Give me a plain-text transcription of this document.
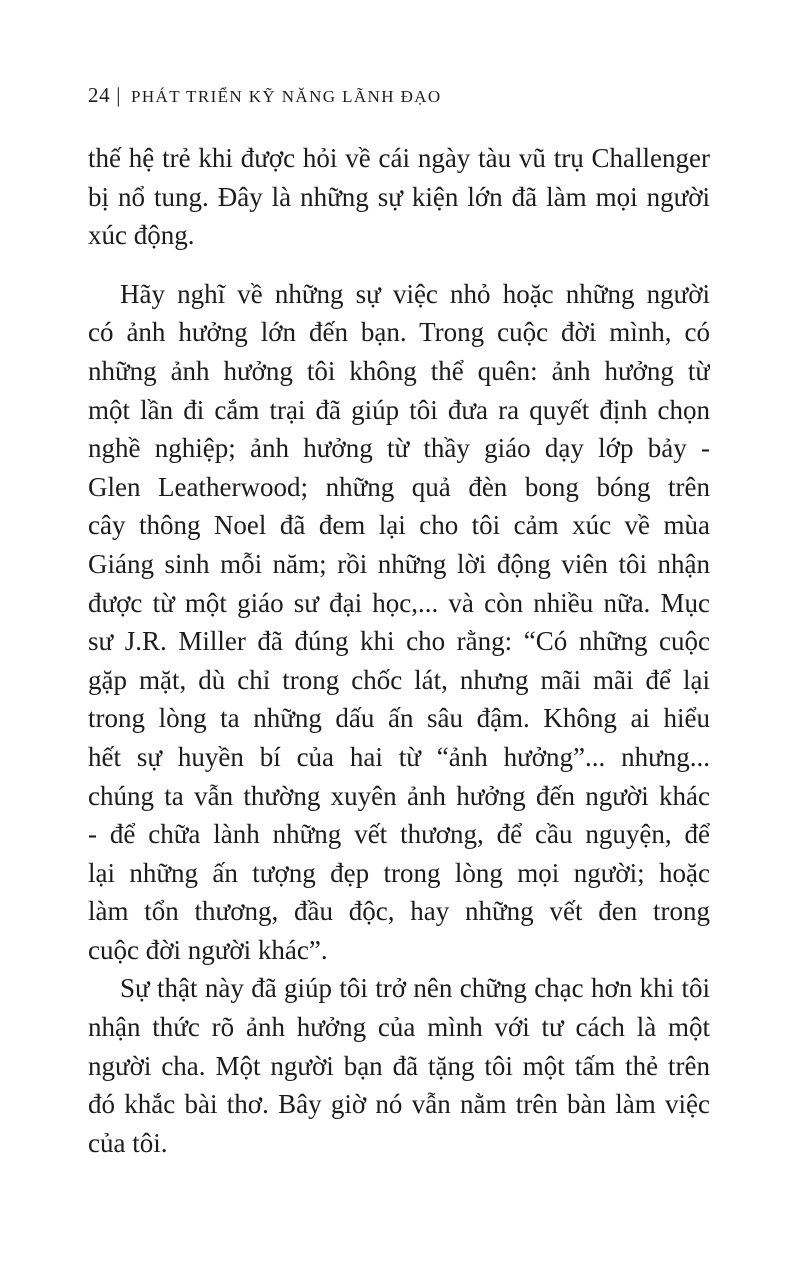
24 | PHÁT TRIỂN KỸ NĂNG LÃNH ĐẠO

thế hệ trẻ khi được hỏi về cái ngày tàu vũ trụ Challenger
bị nổ tung. Đây là những sự kiện lớn đã làm mọi người
xúc động.

Hãy nghĩ về những sự việc nhỏ hoặc những người
có ảnh hưởng lớn đến bạn. Trong cuộc đời mình, có
những ảnh hưởng tôi không thể quên: ảnh hưởng từ
một lần đi cắm trại đã giúp tôi đưa ra quyết định chọn
nghề nghiệp; ảnh hưởng từ thầy giáo dạy lớp bảy -
Glen Leatherwood; những quả đèn bong bóng trên
cây thông Noel đã đem lại cho tôi cảm xúc về mùa
Giáng sinh mỗi năm; rồi những lời động viên tôi nhận
được từ một giáo sư đại học,... và còn nhiều nữa. Mục
sư J.R. Miller đã đúng khi cho rằng: “Có những cuộc
gặp mặt, dù chỉ trong chốc lát, nhưng mãi mãi để lại
trong lòng ta những dấu ấn sâu đậm. Không ai hiểu
hết sự huyền bí của hai từ “ảnh hưởng”... nhưng...
chúng ta vẫn thường xuyên ảnh hưởng đến người khác
- để chữa lành những vết thương, để cầu nguyện, để
lại những ấn tượng đẹp trong lòng mọi người; hoặc
làm tổn thương, đầu độc, hay những vết đen trong
cuộc đời người khác”.

Sự thật này đã giúp tôi trở nên chững chạc hơn khi tôi
nhận thức rõ ảnh hưởng của mình với tư cách là một
người cha. Một người bạn đã tặng tôi một tấm thẻ trên
đó khắc bài thơ. Bây giờ nó vẫn nằm trên bàn làm việc
của tôi.
